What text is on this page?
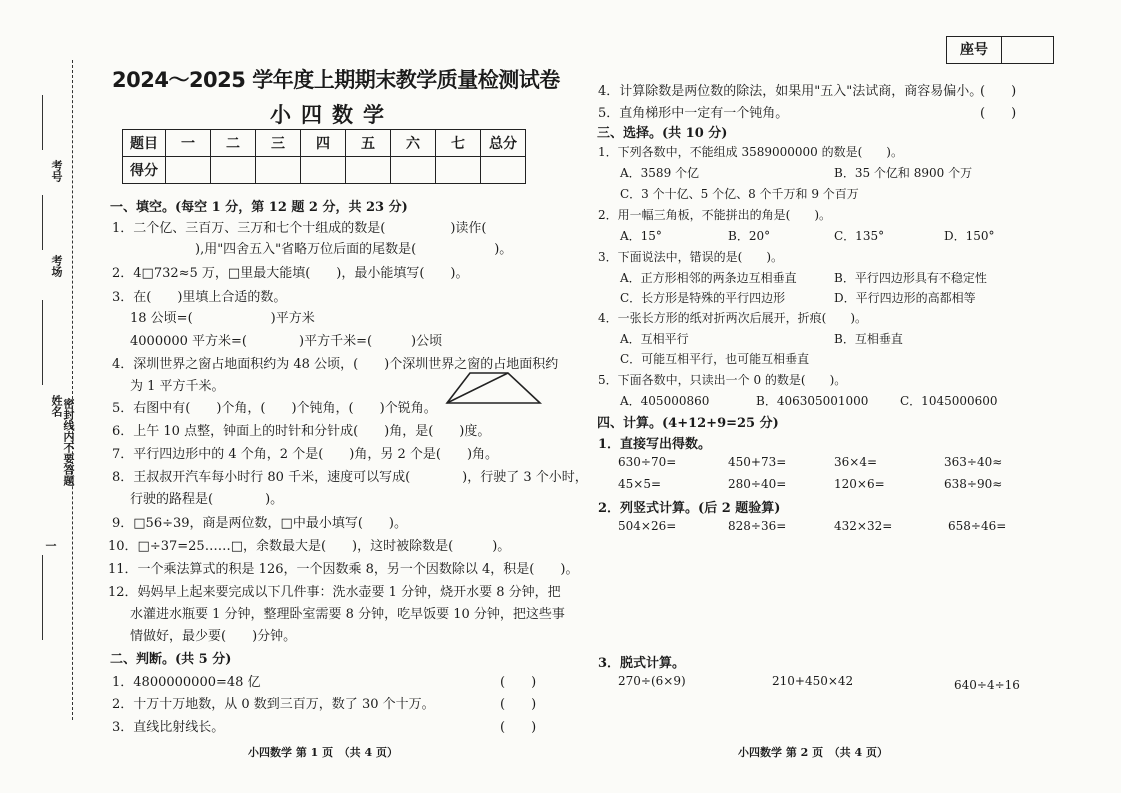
考号
考场
姓名 密封线内不要答题
一
座号
2024～2025 学年度上期期末教学质量检测试卷
小四数学
题目	一	二	三	四	五	六	七	总分
得分								
一、填空。(每空 1 分，第 12 题 2 分，共 23 分)
1．二个亿、三百万、三万和七个十组成的数是(　　　　　)读作(
　　　　　),用"四舍五入"省略万位后面的尾数是(　　　　　　)。
2．4□732≈5 万，□里最大能填(　　)，最小能填写(　　)。
3．在(　　)里填上合适的数。
18 公顷=(　　　　　　)平方米
4000000 平方米=(　　　　)平方千米=(　　　)公顷
4．深圳世界之窗占地面积约为 48 公顷，(　　)个深圳世界之窗的占地面积约
为 1 平方千米。
5．右图中有(　　)个角，(　　)个钝角，(　　)个锐角。
6．上午 10 点整，钟面上的时针和分针成(　　)角，是(　　)度。
7．平行四边形中的 4 个角，2 个是(　　)角，另 2 个是(　　)角。
8．王叔叔开汽车每小时行 80 千米，速度可以写成(　　　　)，行驶了 3 个小时，
行驶的路程是(　　　　)。
9．□56÷39，商是两位数，□中最小填写(　　)。
10．□÷37=25……□，余数最大是(　　)，这时被除数是(　　　)。
11．一个乘法算式的积是 126，一个因数乘 8，另一个因数除以 4，积是(　　)。
12．妈妈早上起来要完成以下几件事：洗水壶要 1 分钟，烧开水要 8 分钟，把
水灌进水瓶要 1 分钟，整理卧室需要 8 分钟，吃早饭要 10 分钟，把这些事
情做好，最少要(　　)分钟。
二、判断。(共 5 分)
1．4800000000=48 亿	(　　)
2．十万十万地数，从 0 数到三百万，数了 30 个十万。	(　　)
3．直线比射线长。	(　　)
小四数学 第 1 页　（共 4 页）
4．计算除数是两位数的除法，如果用"五入"法试商，商容易偏小。
(　　)
5．直角梯形中一定有一个钝角。	(　　)
三、选择。(共 10 分)
1．下列各数中，不能组成 3589000000 的数是(　　)。
A．3589 个亿	B．35 个亿和 8900 个万
C．3 个十亿、5 个亿、8 个千万和 9 个百万
2．用一幅三角板，不能拼出的角是(　　)。
A．15°	B．20°	C．135°	D．150°
3．下面说法中，错误的是(　　)。
A．正方形相邻的两条边互相垂直	B．平行四边形具有不稳定性
C．长方形是特殊的平行四边形	D．平行四边形的高都相等
4．一张长方形的纸对折两次后展开，折痕(　　)。
A．互相平行	B．互相垂直
C．可能互相平行，也可能互相垂直
5．下面各数中，只读出一个 0 的数是(　　)。
A．405000860	B．406305001000	C．1045000600
四、计算。(4+12+9=25 分)
1．直接写出得数。
630÷70=	450+73=	36×4=	363÷40≈
45×5=	280÷40=	120×6=	638÷90≈
2．列竖式计算。(后 2 题验算)
504×26=	828÷36=	432×32=	658÷46=
3．脱式计算。
270÷(6×9)	210+450×42	640÷4÷16
小四数学 第 2 页　（共 4 页）
